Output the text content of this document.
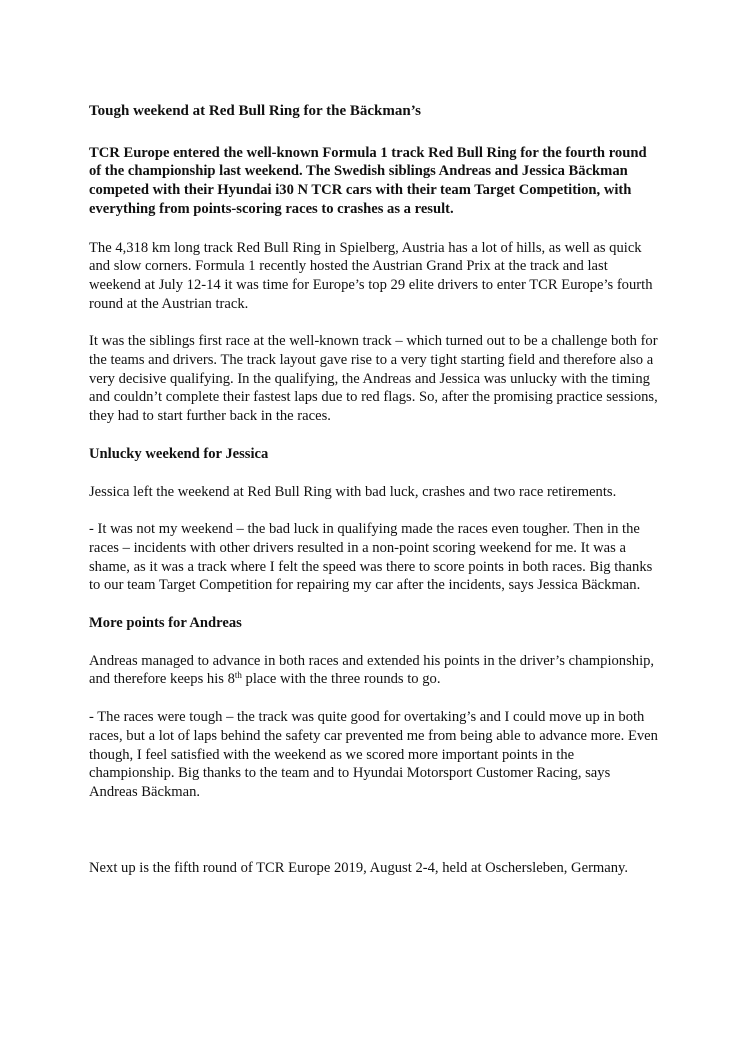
Tough weekend at Red Bull Ring for the Bäckman’s

TCR Europe entered the well-known Formula 1 track Red Bull Ring for the fourth round of the championship last weekend. The Swedish siblings Andreas and Jessica Bäckman competed with their Hyundai i30 N TCR cars with their team Target Competition, with everything from points-scoring races to crashes as a result.

The 4,318 km long track Red Bull Ring in Spielberg, Austria has a lot of hills, as well as quick and slow corners. Formula 1 recently hosted the Austrian Grand Prix at the track and last weekend at July 12-14 it was time for Europe’s top 29 elite drivers to enter TCR Europe’s fourth round at the Austrian track.

It was the siblings first race at the well-known track – which turned out to be a challenge both for the teams and drivers. The track layout gave rise to a very tight starting field and therefore also a very decisive qualifying. In the qualifying, the Andreas and Jessica was unlucky with the timing and couldn’t complete their fastest laps due to red flags. So, after the promising practice sessions, they had to start further back in the races.

Unlucky weekend for Jessica

Jessica left the weekend at Red Bull Ring with bad luck, crashes and two race retirements.

- It was not my weekend – the bad luck in qualifying made the races even tougher. Then in the races – incidents with other drivers resulted in a non-point scoring weekend for me. It was a shame, as it was a track where I felt the speed was there to score points in both races. Big thanks to our team Target Competition for repairing my car after the incidents, says Jessica Bäckman.

More points for Andreas

Andreas managed to advance in both races and extended his points in the driver’s championship, and therefore keeps his 8th place with the three rounds to go.

- The races were tough – the track was quite good for overtaking’s and I could move up in both races, but a lot of laps behind the safety car prevented me from being able to advance more. Even though, I feel satisfied with the weekend as we scored more important points in the championship. Big thanks to the team and to Hyundai Motorsport Customer Racing, says Andreas Bäckman.

Next up is the fifth round of TCR Europe 2019, August 2-4, held at Oschersleben, Germany.
